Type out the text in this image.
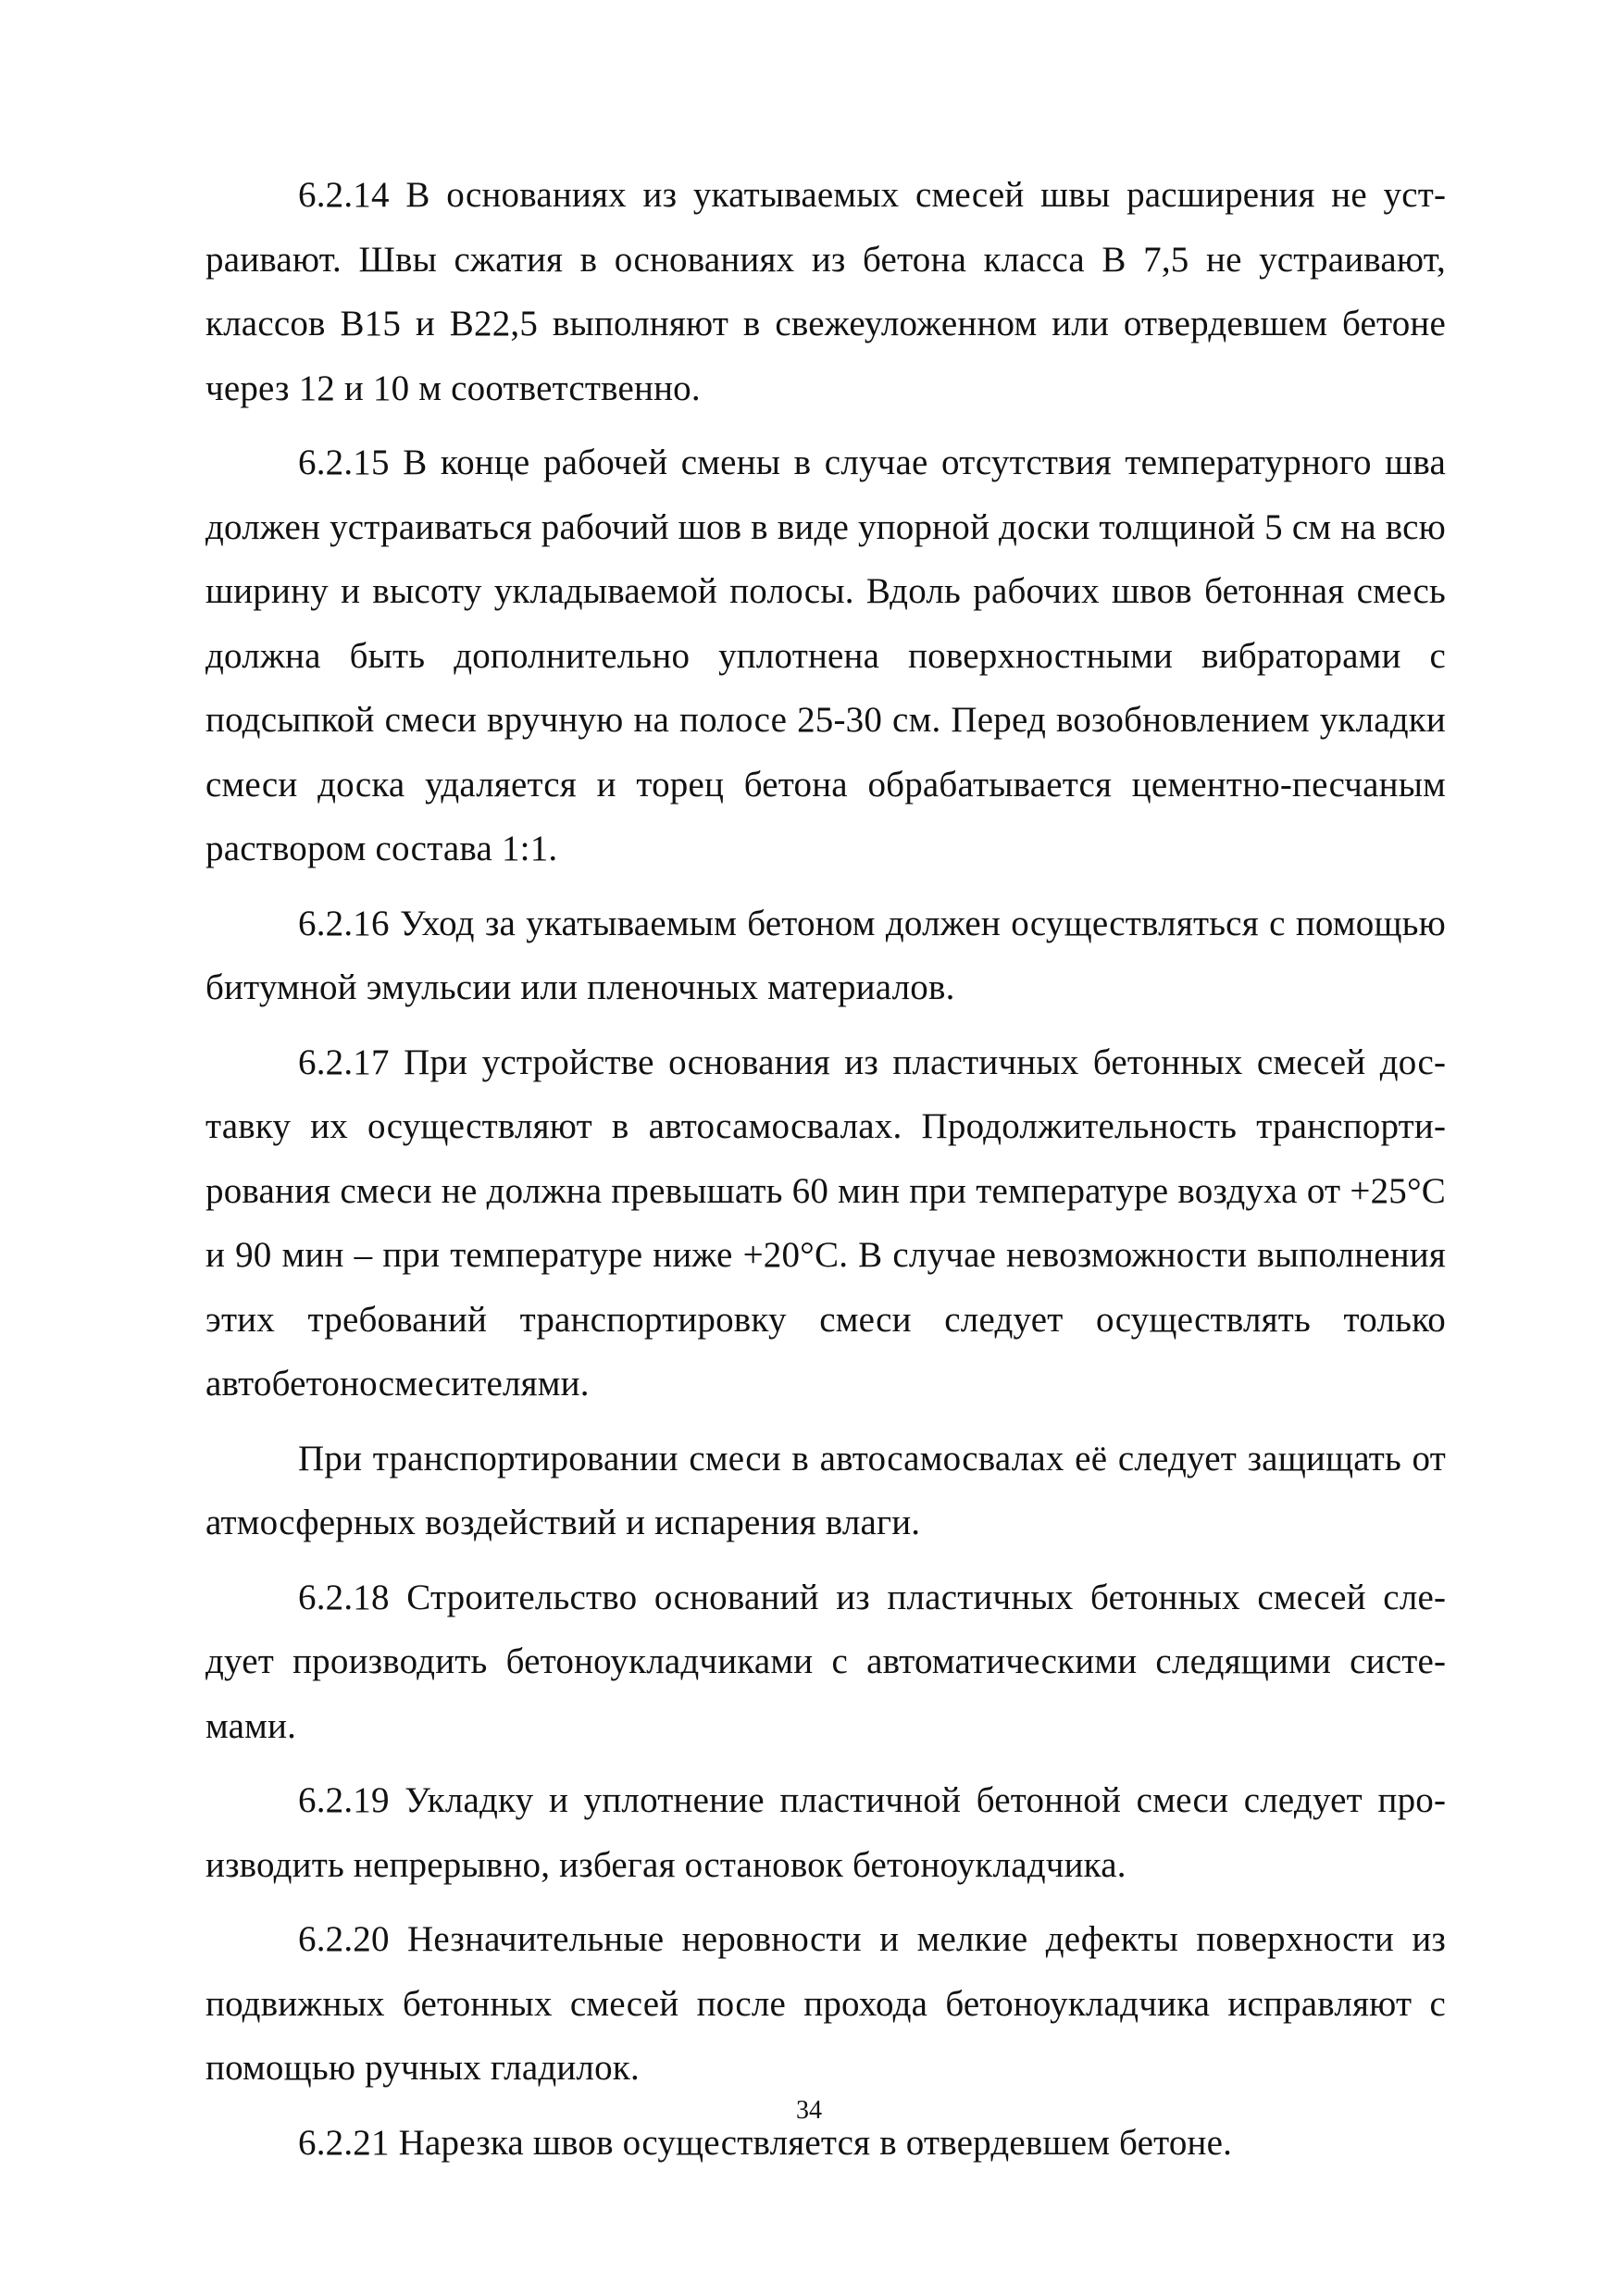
6.2.14 В основаниях из укатываемых смесей швы расширения не устраивают. Швы сжатия в основаниях из бетона класса В 7,5 не устраивают, классов В15 и В22,5 выполняют в свежеуложенном или отвердевшем бетоне через 12 и 10 м соответственно.

6.2.15 В конце рабочей смены в случае отсутствия температурного шва должен устраиваться рабочий шов в виде упорной доски толщиной 5 см на всю ширину и высоту укладываемой полосы. Вдоль рабочих швов бетонная смесь должна быть дополнительно уплотнена поверхностными вибраторами с подсыпкой смеси вручную на полосе 25-30 см. Перед возобновлением укладки смеси доска удаляется и торец бетона обрабатывается цементно-песчаным раствором состава 1:1.

6.2.16 Уход за укатываемым бетоном должен осуществляться с помощью битумной эмульсии или пленочных материалов.

6.2.17 При устройстве основания из пластичных бетонных смесей доставку их осуществляют в автосамосвалах. Продолжительность транспортирования смеси не должна превышать 60 мин при температуре воздуха от +25°С и 90 мин – при температуре ниже +20°С. В случае невозможности выполнения этих требований транспортировку смеси следует осуществлять только автобетоносмесителями.

При транспортировании смеси в автосамосвалах её следует защищать от атмосферных воздействий и испарения влаги.

6.2.18 Строительство оснований из пластичных бетонных смесей следует производить бетоноукладчиками с автоматическими следящими системами.

6.2.19 Укладку и уплотнение пластичной бетонной смеси следует производить непрерывно, избегая остановок бетоноукладчика.

6.2.20 Незначительные неровности и мелкие дефекты поверхности из подвижных бетонных смесей после прохода бетоноукладчика исправляют с помощью ручных гладилок.

6.2.21 Нарезка швов осуществляется в отвердевшем бетоне.

34
